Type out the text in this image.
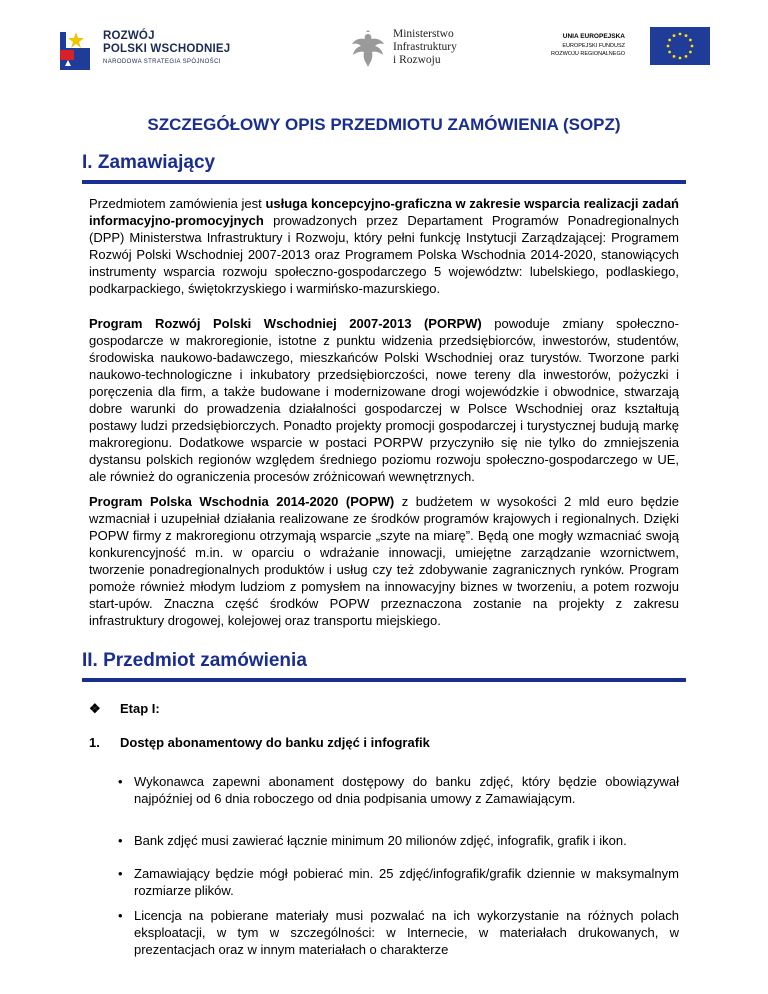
ROZWÓJ
POLSKI WSCHODNIEJ
NARODOWA STRATEGIA SPÓJNOŚCI
Ministerstwo
Infrastruktury
i Rozwoju
UNIA EUROPEJSKA
EUROPEJSKI FUNDUSZ
ROZWOJU REGIONALNEGO
SZCZEGÓŁOWY OPIS PRZEDMIOTU ZAMÓWIENIA (SOPZ)
I. Zamawiający
Przedmiotem zamówienia jest usługa koncepcyjno-graficzna w zakresie wsparcia realizacji zadań informacyjno-promocyjnych prowadzonych przez Departament Programów Ponadregionalnych (DPP) Ministerstwa Infrastruktury i Rozwoju, który pełni funkcję Instytucji Zarządzającej: Programem Rozwój Polski Wschodniej 2007-2013 oraz Programem Polska Wschodnia 2014-2020, stanowiących instrumenty wsparcia rozwoju społeczno-gospodarczego 5 województw: lubelskiego, podlaskiego, podkarpackiego, świętokrzyskiego i warmińsko-mazurskiego.
Program Rozwój Polski Wschodniej 2007-2013 (PORPW) powoduje zmiany społeczno-gospodarcze w makroregionie, istotne z punktu widzenia przedsiębiorców, inwestorów, studentów, środowiska naukowo-badawczego, mieszkańców Polski Wschodniej oraz turystów. Tworzone parki naukowo-technologiczne i inkubatory przedsiębiorczości, nowe tereny dla inwestorów, pożyczki i poręczenia dla firm, a także budowane i modernizowane drogi wojewódzkie i obwodnice, stwarzają dobre warunki do prowadzenia działalności gospodarczej w Polsce Wschodniej oraz kształtują postawy ludzi przedsiębiorczych. Ponadto projekty promocji gospodarczej i turystycznej budują markę makroregionu. Dodatkowe wsparcie w postaci PORPW przyczyniło się nie tylko do zmniejszenia dystansu polskich regionów względem średniego poziomu rozwoju społeczno-gospodarczego w UE, ale również do ograniczenia procesów zróżnicowań wewnętrznych.
Program Polska Wschodnia 2014-2020 (POPW) z budżetem w wysokości 2 mld euro będzie wzmacniał i uzupełniał działania realizowane ze środków programów krajowych i regionalnych. Dzięki POPW firmy z makroregionu otrzymają wsparcie „szyte na miarę”. Będą one mogły wzmacniać swoją konkurencyjność m.in. w oparciu o wdrażanie innowacji, umiejętne zarządzanie wzornictwem, tworzenie ponadregionalnych produktów i usług czy też zdobywanie zagranicznych rynków. Program pomoże również młodym ludziom z pomysłem na innowacyjny biznes w tworzeniu, a potem rozwoju start-upów. Znaczna część środków POPW przeznaczona zostanie na projekty z zakresu infrastruktury drogowej, kolejowej oraz transportu miejskiego.
II. Przedmiot zamówienia
❖ Etap I:
1. Dostęp abonamentowy do banku zdjęć i infografik
• Wykonawca zapewni abonament dostępowy do banku zdjęć, który będzie obowiązywał najpóźniej od 6 dnia roboczego od dnia podpisania umowy z Zamawiającym.
• Bank zdjęć musi zawierać łącznie minimum 20 milionów zdjęć, infografik, grafik i ikon.
• Zamawiający będzie mógł pobierać min. 25 zdjęć/infografik/grafik dziennie w maksymalnym rozmiarze plików.
• Licencja na pobierane materiały musi pozwalać na ich wykorzystanie na różnych polach eksploatacji, w tym w szczególności: w Internecie, w materiałach drukowanych, w prezentacjach oraz w innym materiałach o charakterze
